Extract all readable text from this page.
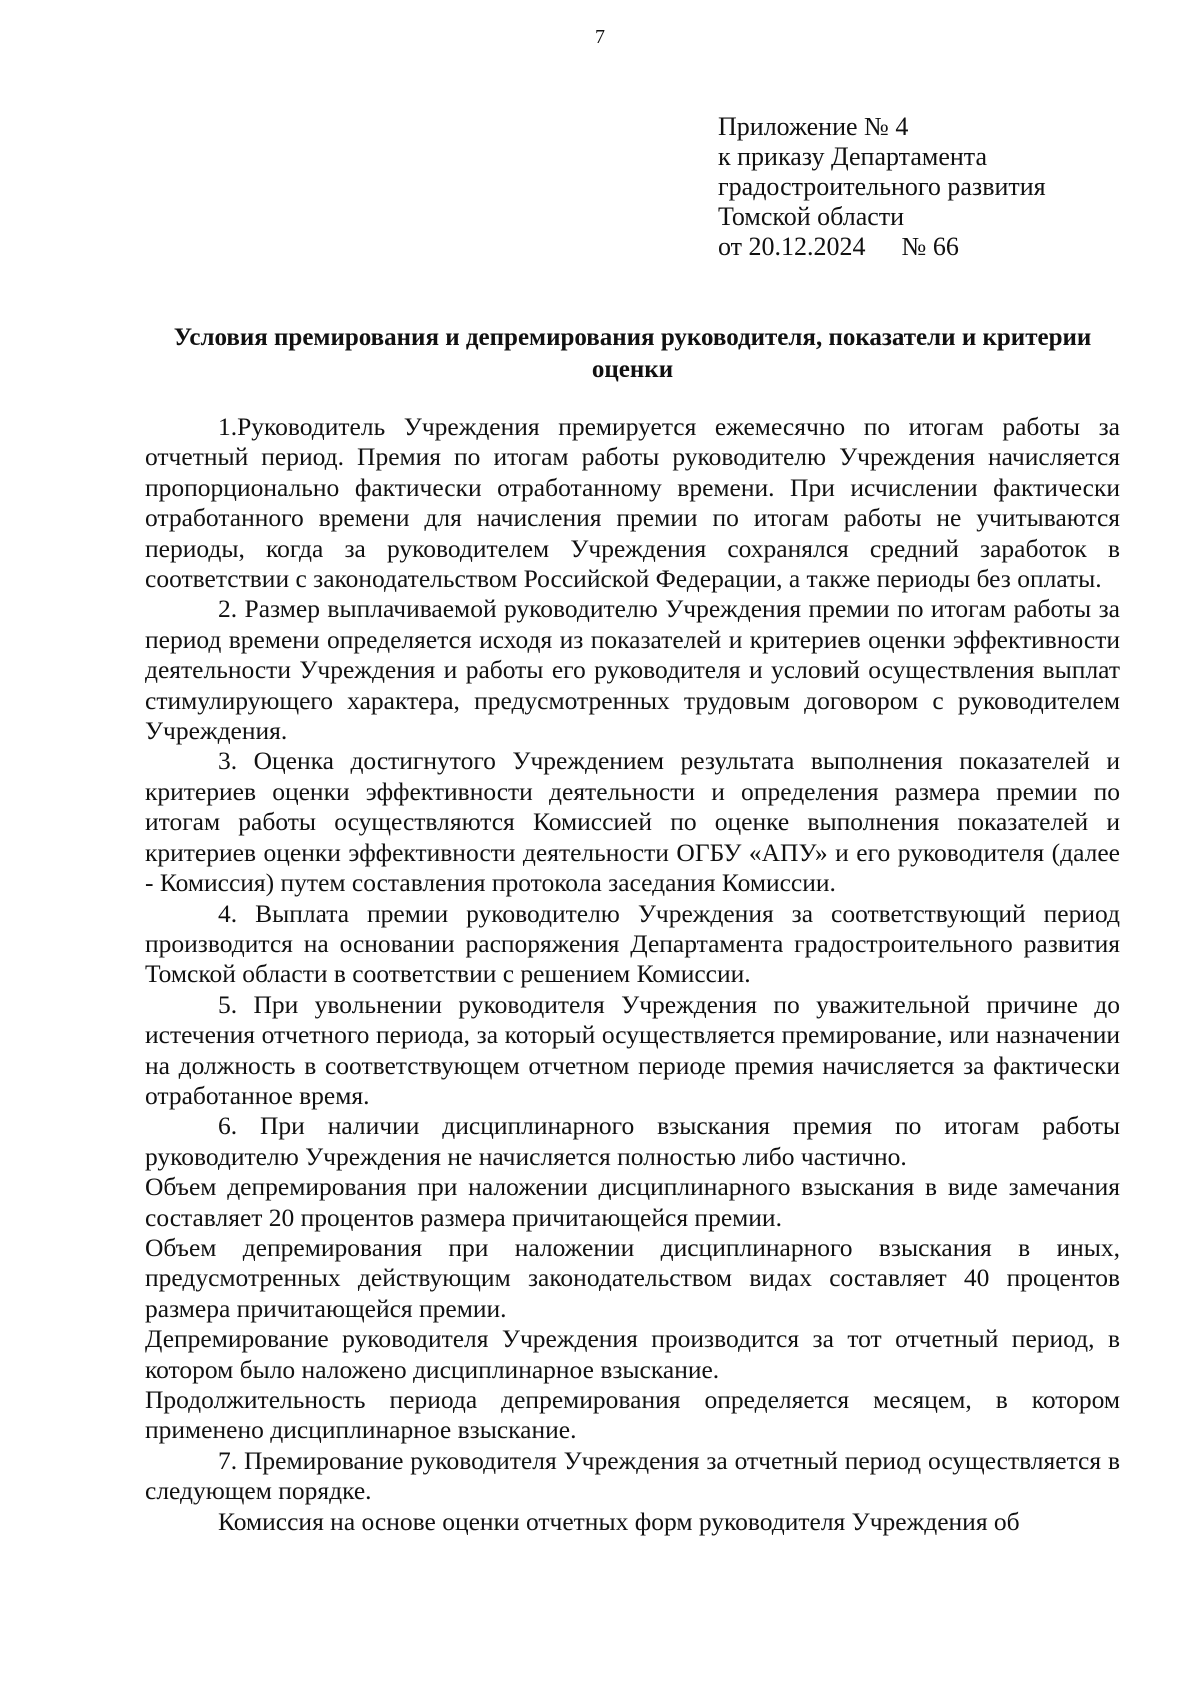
7
Приложение № 4
к приказу Департамента
градостроительного развития
Томской области
от 20.12.2024 № 66
Условия премирования и депремирования руководителя, показатели и критерии оценки

1.Руководитель Учреждения премируется ежемесячно по итогам работы за отчетный период. Премия по итогам работы руководителю Учреждения начисляется пропорционально фактически отработанному времени. При исчислении фактически отработанного времени для начисления премии по итогам работы не учитываются периоды, когда за руководителем Учреждения сохранялся средний заработок в соответствии с законодательством Российской Федерации, а также периоды без оплаты.

2. Размер выплачиваемой руководителю Учреждения премии по итогам работы за период времени определяется исходя из показателей и критериев оценки эффективности деятельности Учреждения и работы его руководителя и условий осуществления выплат стимулирующего характера, предусмотренных трудовым договором с руководителем Учреждения.

3. Оценка достигнутого Учреждением результата выполнения показателей и критериев оценки эффективности деятельности и определения размера премии по итогам работы осуществляются Комиссией по оценке выполнения показателей и критериев оценки эффективности деятельности ОГБУ «АПУ» и его руководителя (далее - Комиссия) путем составления протокола заседания Комиссии.

4. Выплата премии руководителю Учреждения за соответствующий период производится на основании распоряжения Департамента градостроительного развития Томской области в соответствии с решением Комиссии.

5. При увольнении руководителя Учреждения по уважительной причине до истечения отчетного периода, за который осуществляется премирование, или назначении на должность в соответствующем отчетном периоде премия начисляется за фактически отработанное время.

6. При наличии дисциплинарного взыскания премия по итогам работы руководителю Учреждения не начисляется полностью либо частично.

Объем депремирования при наложении дисциплинарного взыскания в виде замечания составляет 20 процентов размера причитающейся премии.

Объем депремирования при наложении дисциплинарного взыскания в иных, предусмотренных действующим законодательством видах составляет 40 процентов размера причитающейся премии.

Депремирование руководителя Учреждения производится за тот отчетный период, в котором было наложено дисциплинарное взыскание.

Продолжительность периода депремирования определяется месяцем, в котором применено дисциплинарное взыскание.

7. Премирование руководителя Учреждения за отчетный период осуществляется в следующем порядке.

Комиссия на основе оценки отчетных форм руководителя Учреждения об
